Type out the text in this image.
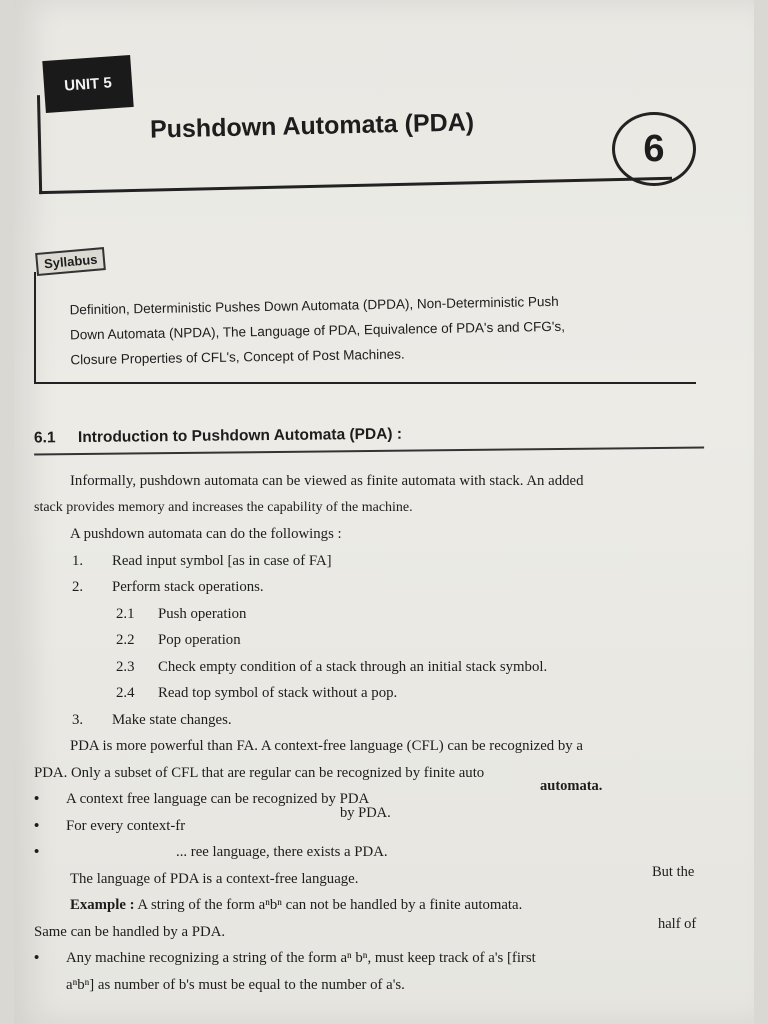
UNIT 5
Pushdown Automata (PDA)
6
Syllabus
Definition, Deterministic Pushes Down Automata (DPDA), Non-Deterministic Push
Down Automata (NPDA), The Language of PDA, Equivalence of PDA's and CFG's,
Closure Properties of CFL's, Concept of Post Machines.
6.1 Introduction to Pushdown Automata (PDA) :
Informally, pushdown automata can be viewed as finite automata with stack. An added
stack provides memory and increases the capability of the machine.
A pushdown automata can do the followings :
1. Read input symbol [as in case of FA]
2. Perform stack operations.
2.1 Push operation
2.2 Pop operation
2.3 Check empty condition of a stack through an initial stack symbol.
2.4 Read top symbol of stack without a pop.
3. Make state changes.
PDA is more powerful than FA. A context-free language (CFL) can be recognized by a
PDA. Only a subset of CFL that are regular can be recognized by finite auto
• A context free language can be recognized by PDA
• For every context-fr
•	... ree language, there exists a PDA.
The language of PDA is a context-free language.
Example : A string of the form aⁿbⁿ can not be handled by a finite automata.
Same can be handled by a PDA.
• Any machine recognizing a string of the form aⁿ bⁿ, must keep track of a's [first
aⁿbⁿ] as number of b's must be equal to the number of a's.
automata.
by PDA.
But the
half of
